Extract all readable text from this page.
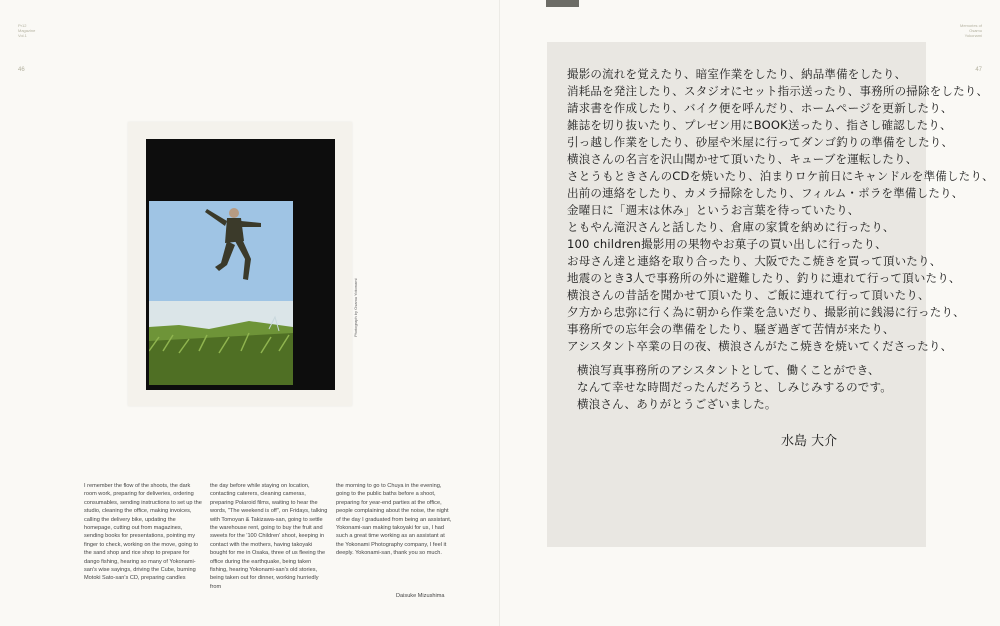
Pr12
Magazine
Vol.1
Memories of
Osamu
Yokonami
46	47
Photograph by Osamu Yokonami
I remember the flow of the shoots, the dark room work, preparing for deliveries, ordering consumables, sending instructions to set up the studio, cleaning the office, making invoices, calling the delivery bike, updating the homepage, cutting out from magazines, sending books for presentations, pointing my finger to check, working on the move, going to the sand shop and rice shop to prepare for dango fishing, hearing so many of Yokonami-san's wise sayings, driving the Cube, burning Motoki Sato-san's CD, preparing candles
the day before while staying on location, contacting caterers, cleaning cameras, preparing Polaroid films, waiting to hear the words, "The weekend is off", on Fridays, talking with Tomoyan & Takizawa-san, going to settle the warehouse rent, going to buy the fruit and sweets for the '100 Children' shoot, keeping in contact with the mothers, having takoyaki bought for me in Osaka, three of us fleeing the office during the earthquake, being taken fishing, hearing Yokonami-san's old stories, being taken out for dinner, working hurriedly from
the morning to go to Chuya in the evening, going to the public baths before a shoot, preparing for year-end parties at the office, people complaining about the noise, the night of the day I graduated from being an assistant, Yokonami-san making takoyaki for us, I had such a great time working as an assistant at the Yokonami Photography company, I feel it deeply. Yokonami-san, thank you so much.
Daisuke Mizushima
撮影の流れを覚えたり、暗室作業をしたり、納品準備をしたり、
消耗品を発注したり、スタジオにセット指示送ったり、事務所の掃除をしたり、
請求書を作成したり、バイク便を呼んだり、ホームページを更新したり、
雑誌を切り抜いたり、プレゼン用にBOOK送ったり、指さし確認したり、
引っ越し作業をしたり、砂屋や米屋に行ってダンゴ釣りの準備をしたり、
横浪さんの名言を沢山聞かせて頂いたり、キューブを運転したり、
さとうもときさんのCDを焼いたり、泊まりロケ前日にキャンドルを準備したり、
出前の連絡をしたり、カメラ掃除をしたり、フィルム・ポラを準備したり、
金曜日に「週末は休み」というお言葉を待っていたり、
ともやん滝沢さんと話したり、倉庫の家賃を納めに行ったり、
100 children撮影用の果物やお菓子の買い出しに行ったり、
お母さん達と連絡を取り合ったり、大阪でたこ焼きを買って頂いたり、
地震のとき3人で事務所の外に避難したり、釣りに連れて行って頂いたり、
横浪さんの昔話を聞かせて頂いたり、ご飯に連れて行って頂いたり、
夕方から忠弥に行く為に朝から作業を急いだり、撮影前に銭湯に行ったり、
事務所での忘年会の準備をしたり、騒ぎ過ぎて苦情が来たり、
アシスタント卒業の日の夜、横浪さんがたこ焼きを焼いてくださったり、
横浪写真事務所のアシスタントとして、働くことができ、
なんて幸せな時間だったんだろうと、しみじみするのです。
横浪さん、ありがとうございました。
水島 大介
